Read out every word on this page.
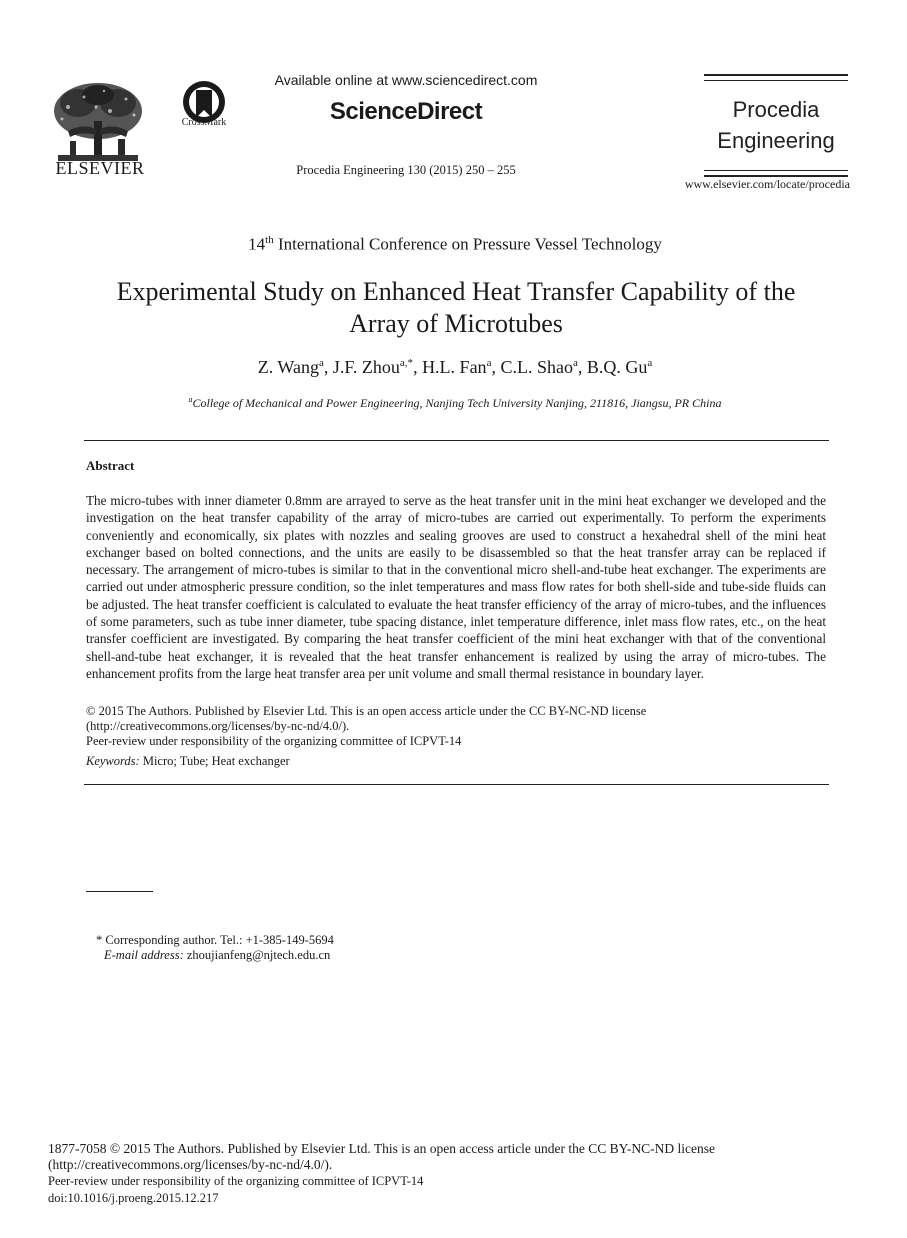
ELSEVIER
CrossMark
Available online at www.sciencedirect.com
ScienceDirect
Procedia Engineering 130 (2015) 250 – 255
Procedia
Engineering
www.elsevier.com/locate/procedia
14th International Conference on Pressure Vessel Technology
Experimental Study on Enhanced Heat Transfer Capability of the
Array of Microtubes
Z. Wang$^a$, J.F. Zhou$^{a,*}$, H.L. Fan$^a$, C.L. Shao$^a$, B.Q. Gu$^a$
$^a$College of Mechanical and Power Engineering, Nanjing Tech University Nanjing, 211816, Jiangsu, PR China
Abstract
The micro-tubes with inner diameter 0.8mm are arrayed to serve as the heat transfer unit in the mini heat exchanger we developed and the investigation on the heat transfer capability of the array of micro-tubes are carried out experimentally. To perform the experiments conveniently and economically, six plates with nozzles and sealing grooves are used to construct a hexahedral shell of the mini heat exchanger based on bolted connections, and the units are easily to be disassembled so that the heat transfer array can be replaced if necessary. The arrangement of micro-tubes is similar to that in the conventional micro shell-and-tube heat exchanger. The experiments are carried out under atmospheric pressure condition, so the inlet temperatures and mass flow rates for both shell-side and tube-side fluids can be adjusted. The heat transfer coefficient is calculated to evaluate the heat transfer efficiency of the array of micro-tubes, and the influences of some parameters, such as tube inner diameter, tube spacing distance, inlet temperature difference, inlet mass flow rates, etc., on the heat transfer coefficient are investigated. By comparing the heat transfer coefficient of the mini heat exchanger with that of the conventional shell-and-tube heat exchanger, it is revealed that the heat transfer enhancement is realized by using the array of micro-tubes. The enhancement profits from the large heat transfer area per unit volume and small thermal resistance in boundary layer.
© 2015 The Authors. Published by Elsevier Ltd. This is an open access article under the CC BY-NC-ND license
(http://creativecommons.org/licenses/by-nc-nd/4.0/).
Peer-review under responsibility of the organizing committee of ICPVT-14
Keywords: Micro; Tube; Heat exchanger
* Corresponding author. Tel.: +1-385-149-5694
E-mail address: zhoujianfeng@njtech.edu.cn
1877-7058 © 2015 The Authors. Published by Elsevier Ltd. This is an open access article under the CC BY-NC-ND license
(http://creativecommons.org/licenses/by-nc-nd/4.0/).
Peer-review under responsibility of the organizing committee of ICPVT-14
doi:10.1016/j.proeng.2015.12.217
